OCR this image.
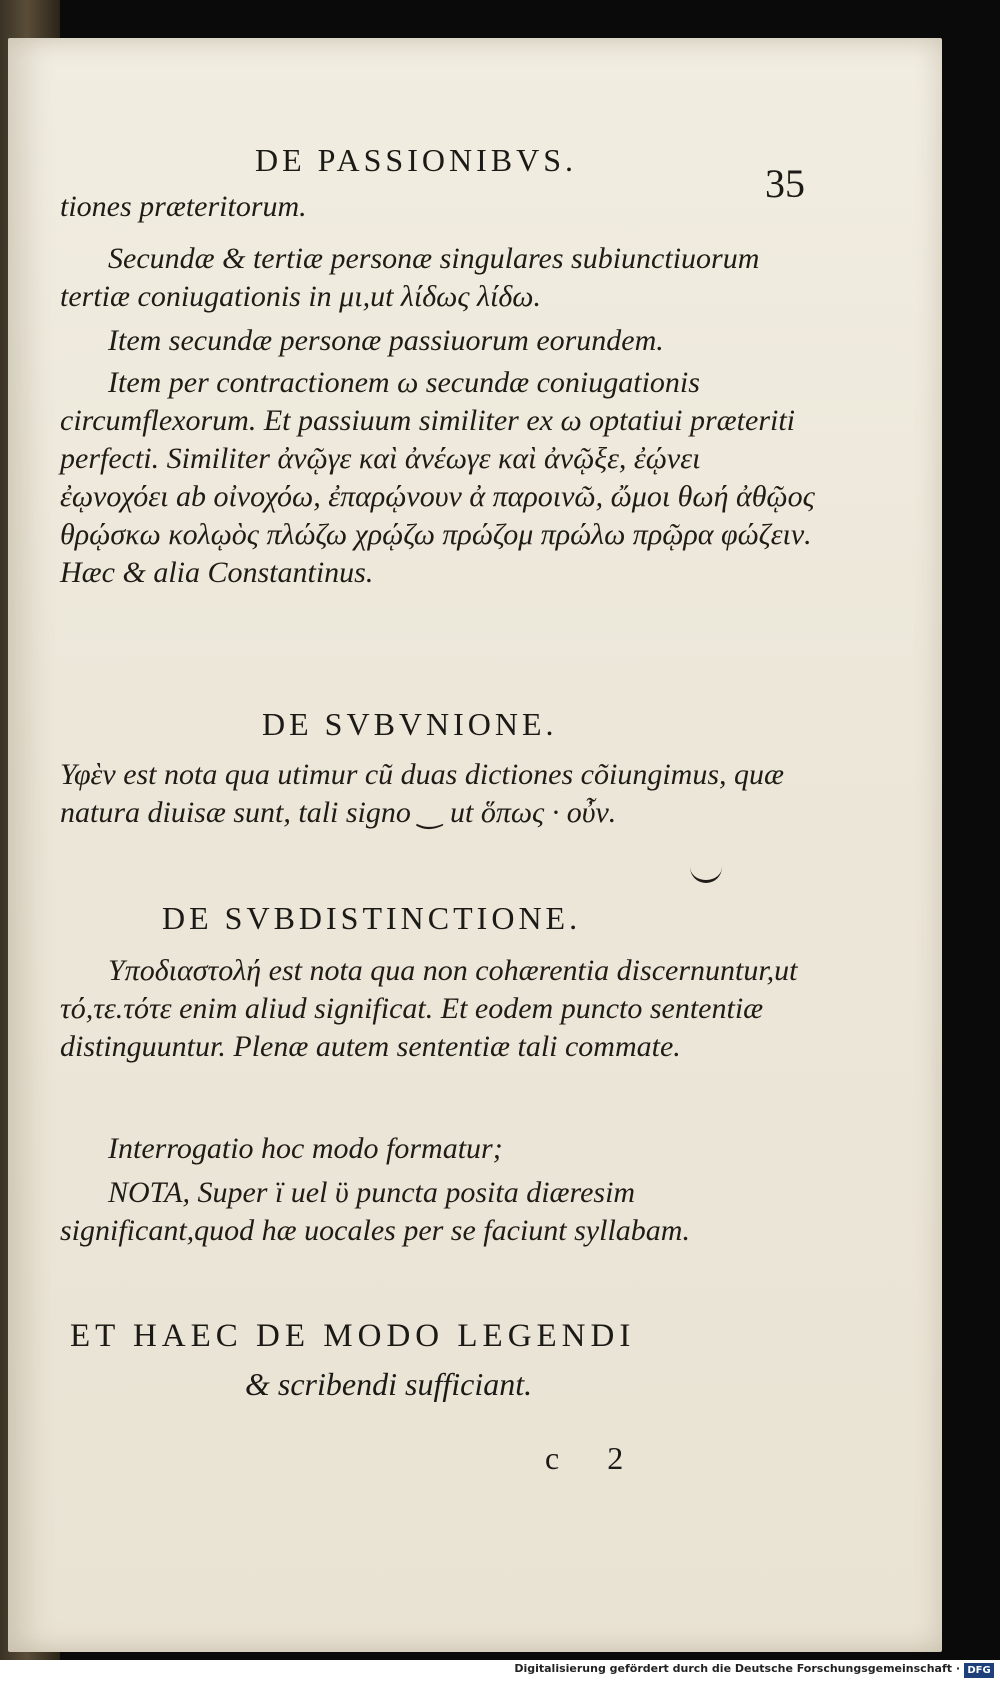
DE PASSIONIBVS.
35

tiones præteritorum.

Secundæ & tertiæ personæ singulares subiunctiuorum tertiæ coniugationis in μι,ut λίδως λίδω.

Item secundæ personæ passiuorum eorundem.

Item per contractionem ω secundæ coniugationis circumflexorum. Et passiuum similiter ex ω optatiui præteriti perfecti. Similiter ἀνῷγε καὶ ἀνέωγε καὶ ἀνῷξε, ἐῴνει ἐῳνοχόει ab οἰνοχόω, ἐπαρῴνουν ἀ παροινῶ, ὤμοι θωή ἀθῷος θρῴσκω κολῳὸς πλώζω χρῴζω πρώζομ πρώλω πρῷρα φώζειν. Hæc & alia Constantinus.

DE SVBVNIONE.

Υφὲν est nota qua utimur cũ duas dictiones cõiungimus, quæ natura diuisæ sunt, tali signo ‿ ut ὅπως · οὖν.

DE SVBDISTINCTIONE.

Υποδιαστολή est nota qua non cohærentia discernuntur,ut τό,τε.τότε enim aliud significat. Et eodem puncto sententiæ distinguuntur. Plenæ autem sententiæ tali commate.

Interrogatio hoc modo formatur;

NOTA, Super ï uel ϋ puncta posita diæresim significant,quod hæ uocales per se faciunt syllabam.

ET HAEC DE MODO LEGENDI
& scribendi sufficiant.
c 2
Digitalisierung gefördert durch die Deutsche Forschungsgemeinschaft · DFG
